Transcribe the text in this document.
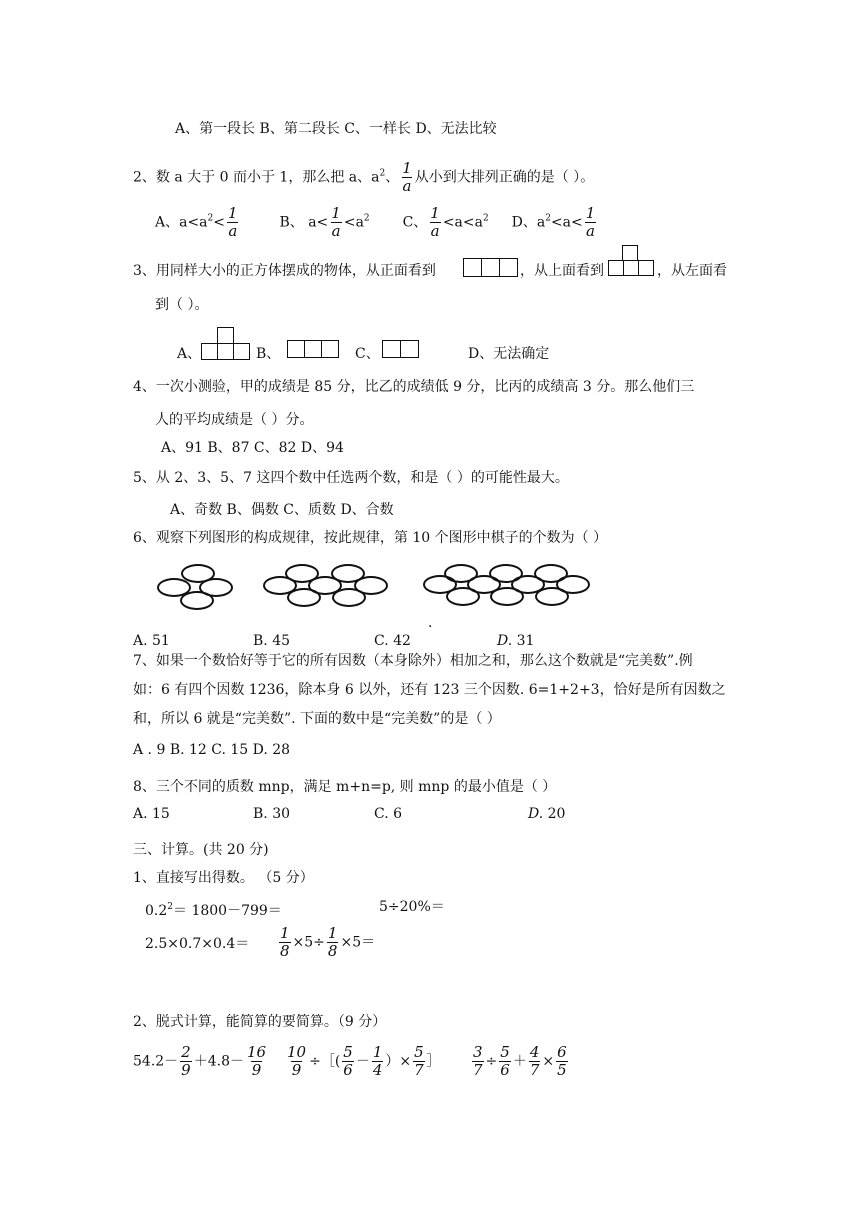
A、第一段长 B、第二段长 C、一样长 D、无法比较
2、数 a 大于 0 而小于 1，那么把 a、$a^2$、 $\frac{1}{a}$ 从小到大排列正确的是（ ）。
A、$a<a^2< \frac{1}{a}$	B、 $a< \frac{1}{a} <a^2$ C、 $\frac{1}{a} <a<a^2$ D、$a^2<a< \frac{1}{a}$
3、用同样大小的正方体摆成的物体，从正面看到	，从上面看到	，从左面看
到（ ）。
A、	B、	C、	D、无法确定
4、一次小测验，甲的成绩是 85 分，比乙的成绩低 9 分，比丙的成绩高 3 分。那么他们三
人的平均成绩是（ ）分。
A、91 B、87 C、82 D、94
5、从 2、3、5、7 这四个数中任选两个数，和是（ ）的可能性最大。
A、奇数 B、偶数 C、质数 D、合数
6、观察下列图形的构成规律，按此规律，第 10 个图形中棋子的个数为（ ）
.
A. 51	B. 45	C. 42	D. 31
7、如果一个数恰好等于它的所有因数（本身除外）相加之和，那么这个数就是“完美数”.例
如：6 有四个因数 1236，除本身 6 以外，还有 123 三个因数. 6=1+2+3，恰好是所有因数之
和，所以 6 就是“完美数”. 下面的数中是“完美数”的是（ ）
A . 9 B. 12 C. 15 D. 28
8、三个不同的质数 mnp，满足 m+n=p, 则 mnp 的最小值是（ ）
A. 15	B. 30	C. 6	D. 20
三、计算。(共 20 分)
1、直接写出得数。 （5 分）
$0.2^2= 1800-799=$	5÷20%＝
$2.5\times 0.7\times 0.4= \frac{1}{8} \times 5\div \frac{1}{8} \times 5=$
2、脱式计算，能简算的要简算。（9 分）
$54.2- \frac{2}{9} +4.8- \frac{16}{9} \frac{10}{9}$ ÷［( $\frac{5}{6} - \frac{1}{4}$ ）× $\frac{5}{7}$ ］ $\frac{3}{7} \div \frac{5}{6} + \frac{4}{7} \times \frac{6}{5}$
